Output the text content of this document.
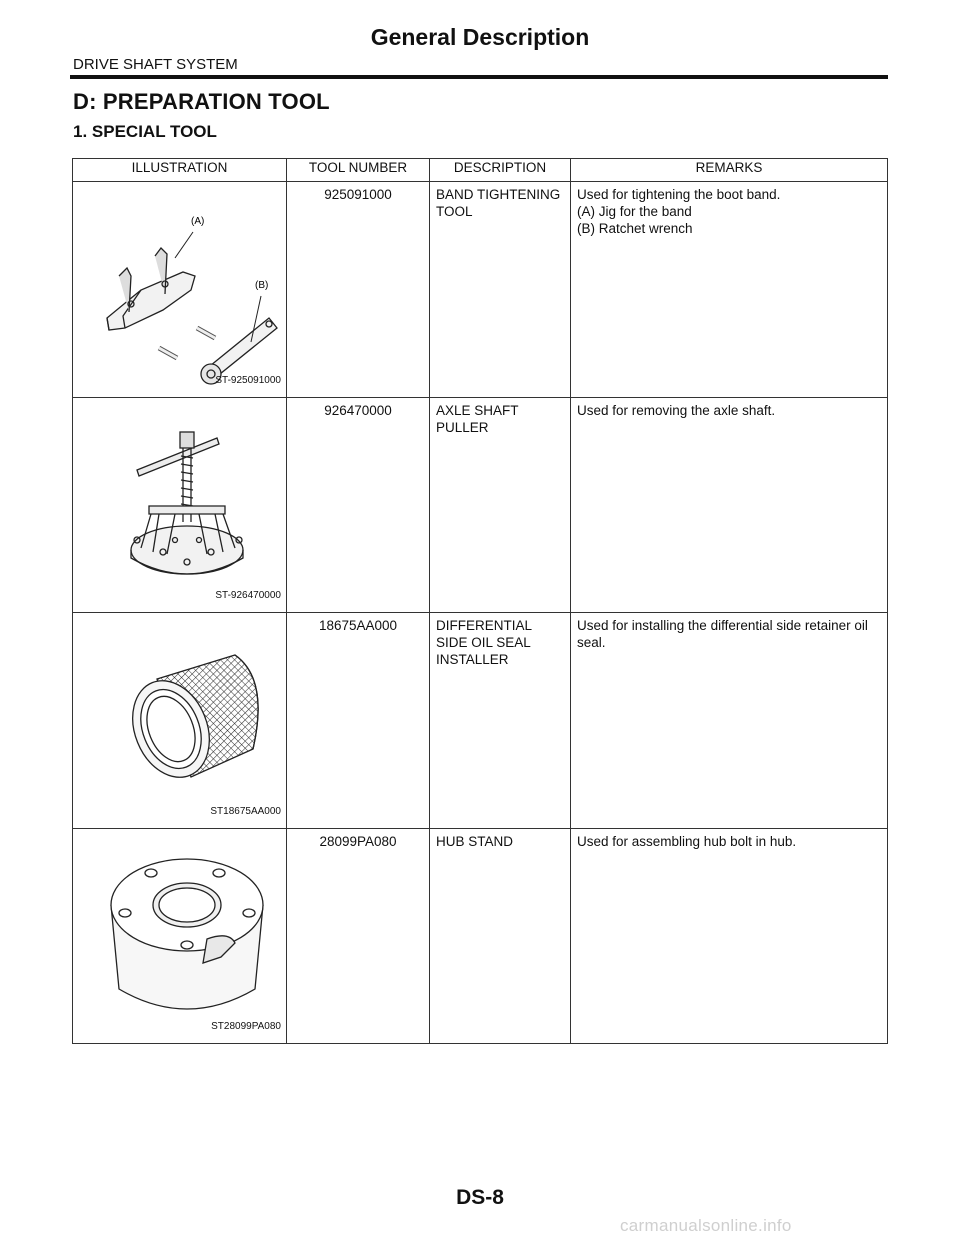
General Description
DRIVE SHAFT SYSTEM
D: PREPARATION TOOL
1. SPECIAL TOOL
ILLUSTRATION	TOOL NUMBER	DESCRIPTION	REMARKS

(A)
(B)
ST-925091000	925091000	BAND TIGHTENING TOOL	Used for tightening the boot band.
(A) Jig for the band
(B) Ratchet wrench

ST-926470000	926470000	AXLE SHAFT PULLER	Used for removing the axle shaft.

ST18675AA000	18675AA000	DIFFERENTIAL SIDE OIL SEAL INSTALLER	Used for installing the differential side retainer oil seal.

ST28099PA080	28099PA080	HUB STAND	Used for assembling hub bolt in hub.
DS-8
carmanualsonline.info
